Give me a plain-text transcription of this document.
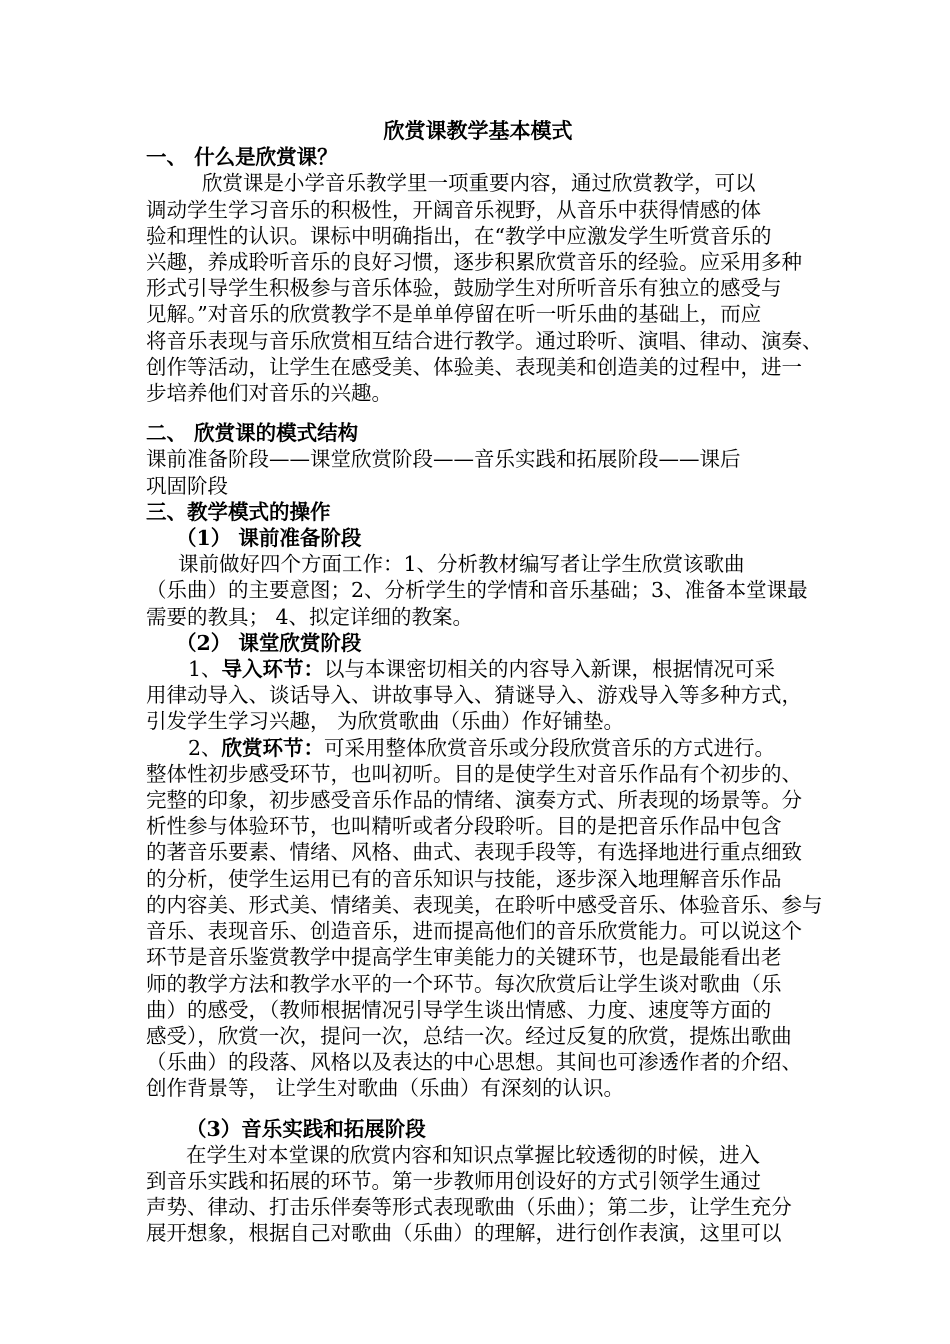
欣赏课教学基本模式
一、 什么是欣赏课？
欣赏课是小学音乐教学里一项重要内容，通过欣赏教学，可以
调动学生学习音乐的积极性，开阔音乐视野，从音乐中获得情感的体
验和理性的认识。课标中明确指出，在“教学中应激发学生听赏音乐的
兴趣，养成聆听音乐的良好习惯，逐步积累欣赏音乐的经验。应采用多种
形式引导学生积极参与音乐体验，鼓励学生对所听音乐有独立的感受与
见解。”对音乐的欣赏教学不是单单停留在听一听乐曲的基础上，而应
将音乐表现与音乐欣赏相互结合进行教学。通过聆听、演唱、律动、演奏、
创作等活动，让学生在感受美、体验美、表现美和创造美的过程中，进一
步培养他们对音乐的兴趣。
二、 欣赏课的模式结构
课前准备阶段——课堂欣赏阶段——音乐实践和拓展阶段——课后
巩固阶段
三、教学模式的操作
（1） 课前准备阶段
课前做好四个方面工作：1、分析教材编写者让学生欣赏该歌曲
（乐曲）的主要意图；2、分析学生的学情和音乐基础；3、准备本堂课最
需要的教具； 4、拟定详细的教案。
（2） 课堂欣赏阶段
1、导入环节：以与本课密切相关的内容导入新课，根据情况可采
用律动导入、谈话导入、讲故事导入、猜谜导入、游戏导入等多种方式，
引发学生学习兴趣， 为欣赏歌曲（乐曲）作好铺垫。
2、欣赏环节：可采用整体欣赏音乐或分段欣赏音乐的方式进行。
整体性初步感受环节，也叫初听。目的是使学生对音乐作品有个初步的、
完整的印象，初步感受音乐作品的情绪、演奏方式、所表现的场景等。分
析性参与体验环节，也叫精听或者分段聆听。目的是把音乐作品中包含
的著音乐要素、情绪、风格、曲式、表现手段等，有选择地进行重点细致
的分析，使学生运用已有的音乐知识与技能，逐步深入地理解音乐作品
的内容美、形式美、情绪美、表现美，在聆听中感受音乐、体验音乐、参与
音乐、表现音乐、创造音乐，进而提高他们的音乐欣赏能力。可以说这个
环节是音乐鉴赏教学中提高学生审美能力的关键环节，也是最能看出老
师的教学方法和教学水平的一个环节。每次欣赏后让学生谈对歌曲（乐
曲）的感受，（教师根据情况引导学生谈出情感、力度、速度等方面的
感受），欣赏一次，提问一次，总结一次。经过反复的欣赏，提炼出歌曲
（乐曲）的段落、风格以及表达的中心思想。其间也可渗透作者的介绍、
创作背景等， 让学生对歌曲（乐曲）有深刻的认识。
（3）音乐实践和拓展阶段
在学生对本堂课的欣赏内容和知识点掌握比较透彻的时候，进入
到音乐实践和拓展的环节。第一步教师用创设好的方式引领学生通过
声势、律动、打击乐伴奏等形式表现歌曲（乐曲）；第二步，让学生充分
展开想象，根据自己对歌曲（乐曲）的理解，进行创作表演，这里可以
